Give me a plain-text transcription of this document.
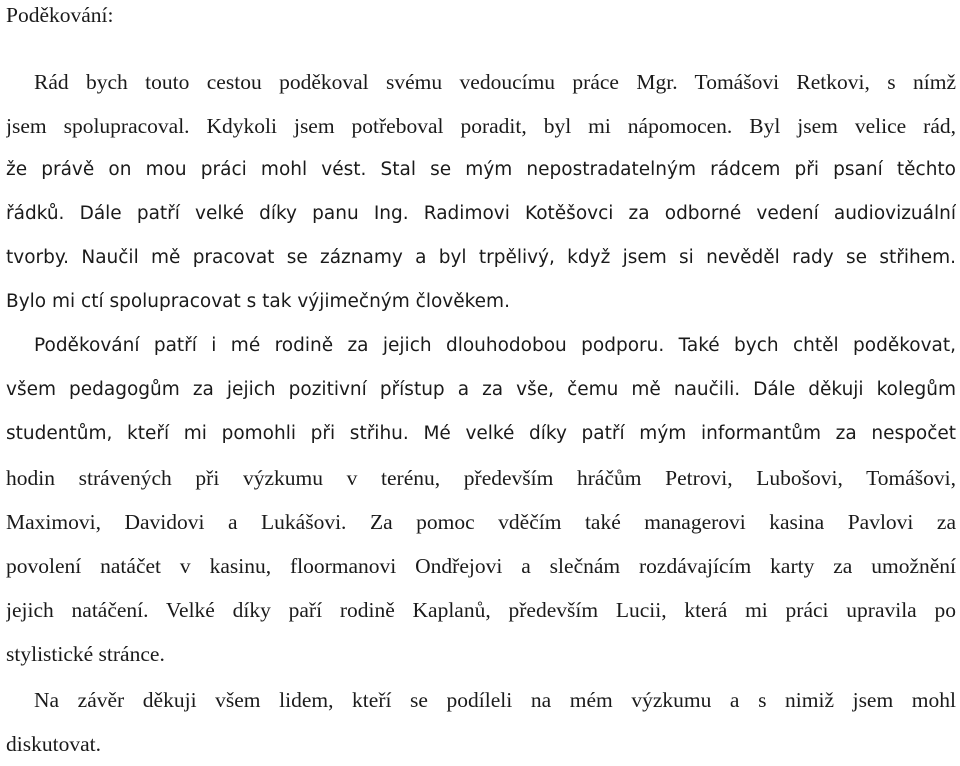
Poděkování:
Rád bych touto cestou poděkoval svému vedoucímu práce Mgr. Tomášovi Retkovi, s nímž
jsem spolupracoval. Kdykoli jsem potřeboval poradit, byl mi nápomocen. Byl jsem velice rád,
že právě on mou práci mohl vést. Stal se mým nepostradatelným rádcem při psaní těchto
řádků. Dále patří velké díky panu Ing. Radimovi Kotěšovci za odborné vedení audiovizuální
tvorby. Naučil mě pracovat se záznamy a byl trpělivý, když jsem si nevěděl rady se střihem.
Bylo mi ctí spolupracovat s tak výjimečným člověkem.
Poděkování patří i mé rodině za jejich dlouhodobou podporu. Také bych chtěl poděkovat,
všem pedagogům za jejich pozitivní přístup a za vše, čemu mě naučili. Dále děkuji kolegům
studentům, kteří mi pomohli při střihu. Mé velké díky patří mým informantům za nespočet
hodin strávených při výzkumu v terénu, především hráčům Petrovi, Lubošovi, Tomášovi,
Maximovi, Davidovi a Lukášovi. Za pomoc vděčím také managerovi kasina Pavlovi za
povolení natáčet v kasinu, floormanovi Ondřejovi a slečnám rozdávajícím karty za umožnění
jejich natáčení. Velké díky paří rodině Kaplanů, především Lucii, která mi práci upravila po
stylistické stránce.
Na závěr děkuji všem lidem, kteří se podíleli na mém výzkumu a s nimiž jsem mohl
diskutovat.
